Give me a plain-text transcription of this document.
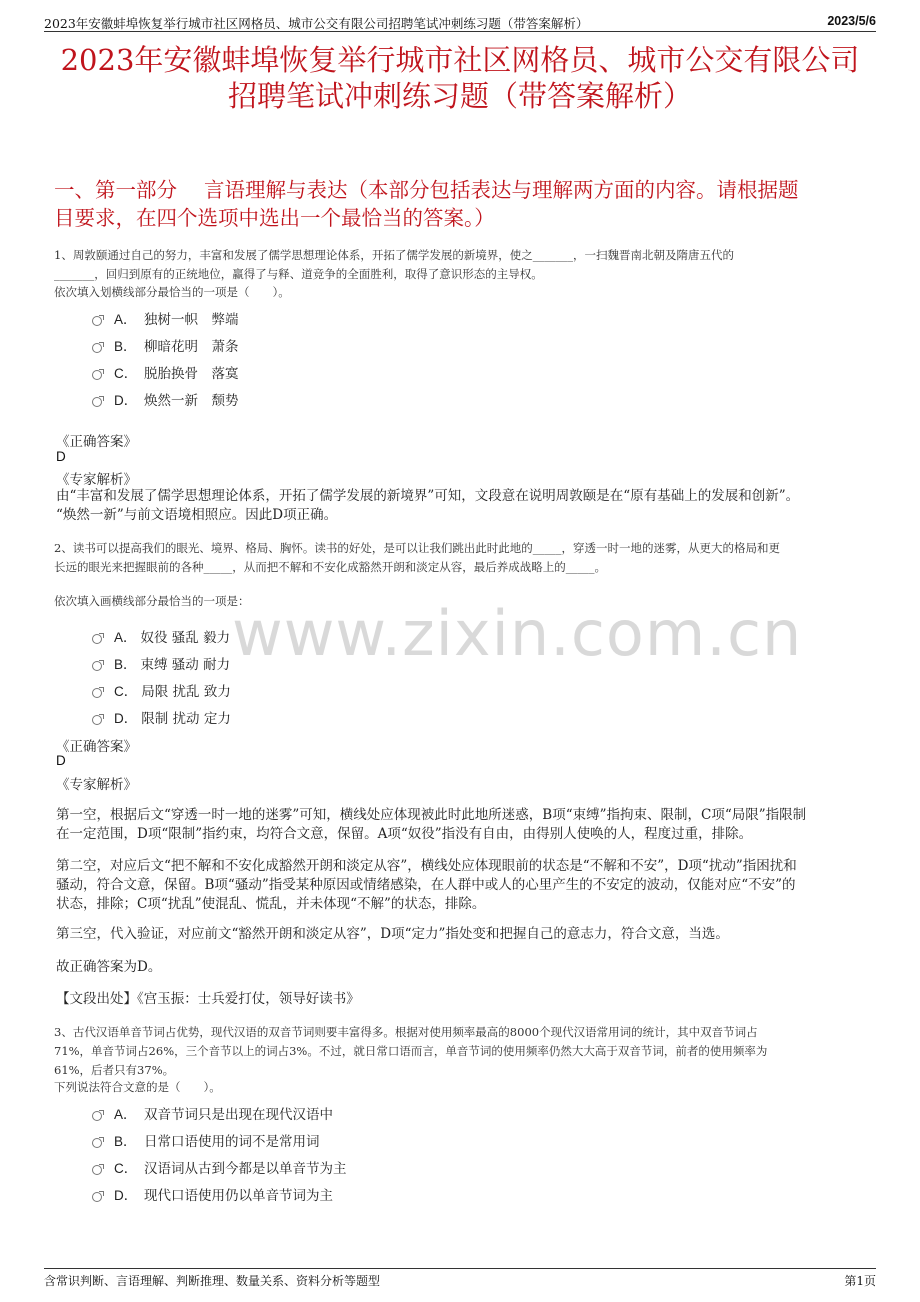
2023年安徽蚌埠恢复举行城市社区网格员、城市公交有限公司招聘笔试冲刺练习题（带答案解析）	2023/5/6
2023年安徽蚌埠恢复举行城市社区网格员、城市公交有限公司
招聘笔试冲刺练习题（带答案解析）
一、第一部分　 言语理解与表达（本部分包括表达与理解两方面的内容。请根据题
目要求，在四个选项中选出一个最恰当的答案。）
www.zixin.com.cn
1、周敦颐通过自己的努力，丰富和发展了儒学思想理论体系，开拓了儒学发展的新境界，使之_______，一扫魏晋南北朝及隋唐五代的
_______，回归到原有的正统地位，赢得了与释、道竞争的全面胜利，取得了意识形态的主导权。
依次填入划横线部分最恰当的一项是（　　）。
A． 独树一帜　弊端
B． 柳暗花明　萧条
C． 脱胎换骨　落寞
D． 焕然一新　颓势
《正确答案》
D
《专家解析》
由“丰富和发展了儒学思想理论体系，开拓了儒学发展的新境界”可知，文段意在说明周敦颐是在“原有基础上的发展和创新”。
“焕然一新”与前文语境相照应。因此D项正确。
2、读书可以提高我们的眼光、境界、格局、胸怀。读书的好处，是可以让我们跳出此时此地的_____，穿透一时一地的迷雾，从更大的格局和更
长远的眼光来把握眼前的各种_____，从而把不解和不安化成豁然开朗和淡定从容，最后养成战略上的_____。
依次填入画横线部分最恰当的一项是：
A． 奴役 骚乱 毅力
B． 束缚 骚动 耐力
C． 局限 扰乱 致力
D． 限制 扰动 定力
《正确答案》
D
《专家解析》
第一空，根据后文“穿透一时一地的迷雾”可知，横线处应体现被此时此地所迷惑，B项“束缚”指拘束、限制，C项“局限”指限制
在一定范围，D项“限制”指约束，均符合文意，保留。A项“奴役”指没有自由，由得别人使唤的人，程度过重，排除。
第二空，对应后文“把不解和不安化成豁然开朗和淡定从容”，横线处应体现眼前的状态是“不解和不安”，D项“扰动”指困扰和
骚动，符合文意，保留。B项“骚动”指受某种原因或情绪感染，在人群中或人的心里产生的不安定的波动，仅能对应“不安”的
状态，排除；C项“扰乱”使混乱、慌乱，并未体现“不解”的状态，排除。
第三空，代入验证，对应前文“豁然开朗和淡定从容”，D项“定力”指处变和把握自己的意志力，符合文意，当选。
故正确答案为D。
【文段出处】《宫玉振：士兵爱打仗，领导好读书》
3、古代汉语单音节词占优势，现代汉语的双音节词则要丰富得多。根据对使用频率最高的8000个现代汉语常用词的统计，其中双音节词占
71%，单音节词占26%，三个音节以上的词占3%。不过，就日常口语而言，单音节词的使用频率仍然大大高于双音节词，前者的使用频率为
61%，后者只有37%。
下列说法符合文意的是（　　）。
A． 双音节词只是出现在现代汉语中
B． 日常口语使用的词不是常用词
C． 汉语词从古到今都是以单音节为主
D． 现代口语使用仍以单音节词为主
含常识判断、言语理解、判断推理、数量关系、资料分析等题型	第1页
